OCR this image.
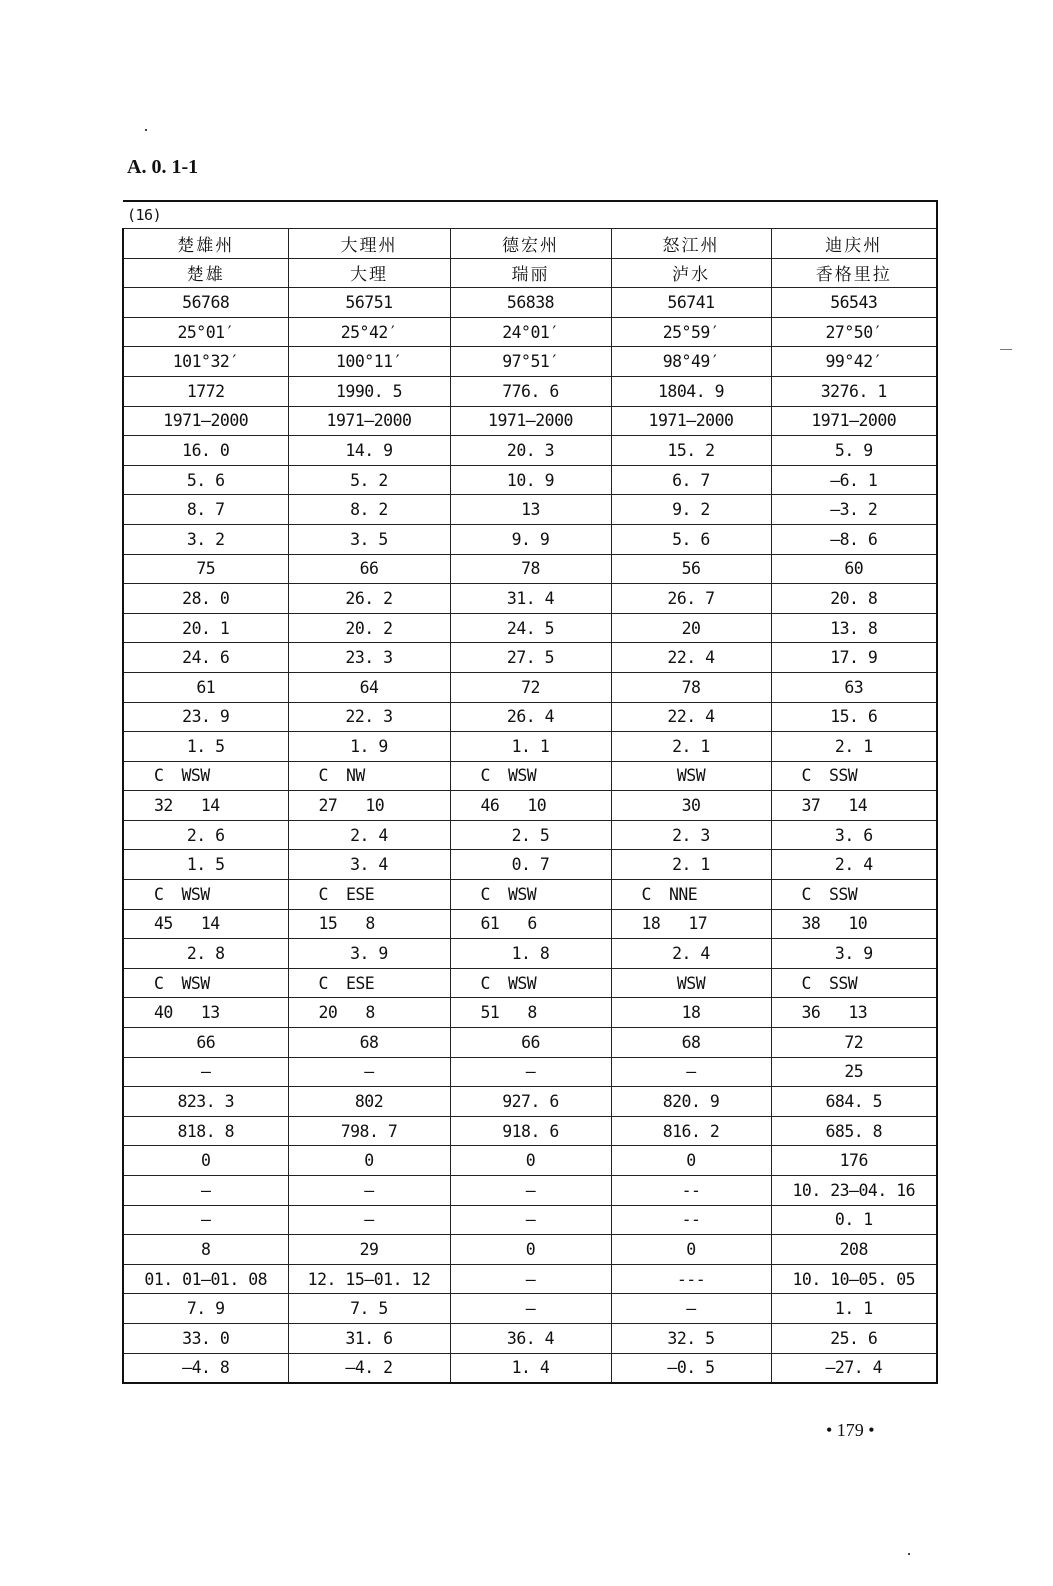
A. 0. 1-1
(16)				
楚雄州	大理州	德宏州	怒江州	迪庆州
楚雄	大理	瑞丽	泸水	香格里拉
56768	56751	56838	56741	56543
25°01′	25°42′	24°01′	25°59′	27°50′
101°32′	100°11′	97°51′	98°49′	99°42′
1772	1990. 5	776. 6	1804. 9	3276. 1
1971—2000	1971—2000	1971—2000	1971—2000	1971—2000
16. 0	14. 9	20. 3	15. 2	5. 9
5. 6	5. 2	10. 9	6. 7	—6. 1
8. 7	8. 2	13	9. 2	—3. 2
3. 2	3. 5	9. 9	5. 6	—8. 6
75	66	78	56	60
28. 0	26. 2	31. 4	26. 7	20. 8
20. 1	20. 2	24. 5	20	13. 8
24. 6	23. 3	27. 5	22. 4	17. 9
61	64	72	78	63
23. 9	22. 3	26. 4	22. 4	15. 6
1. 5	1. 9	1. 1	2. 1	2. 1
C WSW	C NW	C WSW	WSW	C SSW
32 14	27 10	46 10	30	37 14
2. 6	2. 4	2. 5	2. 3	3. 6
1. 5	3. 4	0. 7	2. 1	2. 4
C WSW	C ESE	C WSW	C NNE	C SSW
45 14	15 8	61 6	18 17	38 10
2. 8	3. 9	1. 8	2. 4	3. 9
C WSW	C ESE	C WSW	WSW	C SSW
40 13	20 8	51 8	18	36 13
66	68	66	68	72
—	—	—	—	25
823. 3	802	927. 6	820. 9	684. 5
818. 8	798. 7	918. 6	816. 2	685. 8
0	0	0	0	176
—	—	—	--	10. 23—04. 16
—	—	—	--	0. 1
8	29	0	0	208
01. 01—01. 08	12. 15—01. 12	—	---	10. 10—05. 05
7. 9	7. 5	—	—	1. 1
33. 0	31. 6	36. 4	32. 5	25. 6
—4. 8	—4. 2	1. 4	—0. 5	—27. 4
• 179 •
